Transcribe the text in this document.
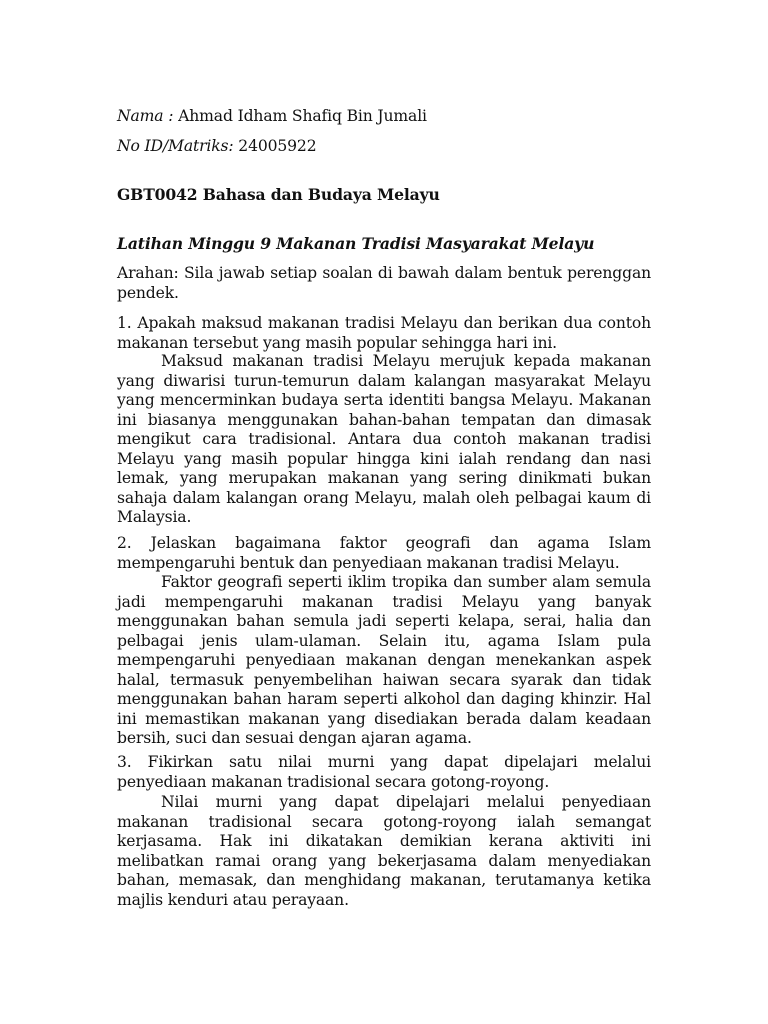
Nama : Ahmad Idham Shafiq Bin Jumali
No ID/Matriks: 24005922
GBT0042 Bahasa dan Budaya Melayu
Latihan Minggu 9 Makanan Tradisi Masyarakat Melayu
Arahan: Sila jawab setiap soalan di bawah dalam bentuk perenggan pendek.
1. Apakah maksud makanan tradisi Melayu dan berikan dua contoh makanan tersebut yang masih popular sehingga hari ini.
Maksud makanan tradisi Melayu merujuk kepada makanan yang diwarisi turun-temurun dalam kalangan masyarakat Melayu yang mencerminkan budaya serta identiti bangsa Melayu. Makanan ini biasanya menggunakan bahan-bahan tempatan dan dimasak mengikut cara tradisional. Antara dua contoh makanan tradisi Melayu yang masih popular hingga kini ialah rendang dan nasi lemak, yang merupakan makanan yang sering dinikmati bukan sahaja dalam kalangan orang Melayu, malah oleh pelbagai kaum di Malaysia.
2. Jelaskan bagaimana faktor geografi dan agama Islam mempengaruhi bentuk dan penyediaan makanan tradisi Melayu.
Faktor geografi seperti iklim tropika dan sumber alam semula jadi mempengaruhi makanan tradisi Melayu yang banyak menggunakan bahan semula jadi seperti kelapa, serai, halia dan pelbagai jenis ulam-ulaman. Selain itu, agama Islam pula mempengaruhi penyediaan makanan dengan menekankan aspek halal, termasuk penyembelihan haiwan secara syarak dan tidak menggunakan bahan haram seperti alkohol dan daging khinzir. Hal ini memastikan makanan yang disediakan berada dalam keadaan bersih, suci dan sesuai dengan ajaran agama.
3. Fikirkan satu nilai murni yang dapat dipelajari melalui penyediaan makanan tradisional secara gotong-royong.
Nilai murni yang dapat dipelajari melalui penyediaan makanan tradisional secara gotong-royong ialah semangat kerjasama. Hak ini dikatakan demikian kerana aktiviti ini melibatkan ramai orang yang bekerjasama dalam menyediakan bahan, memasak, dan menghidang makanan, terutamanya ketika majlis kenduri atau perayaan.
